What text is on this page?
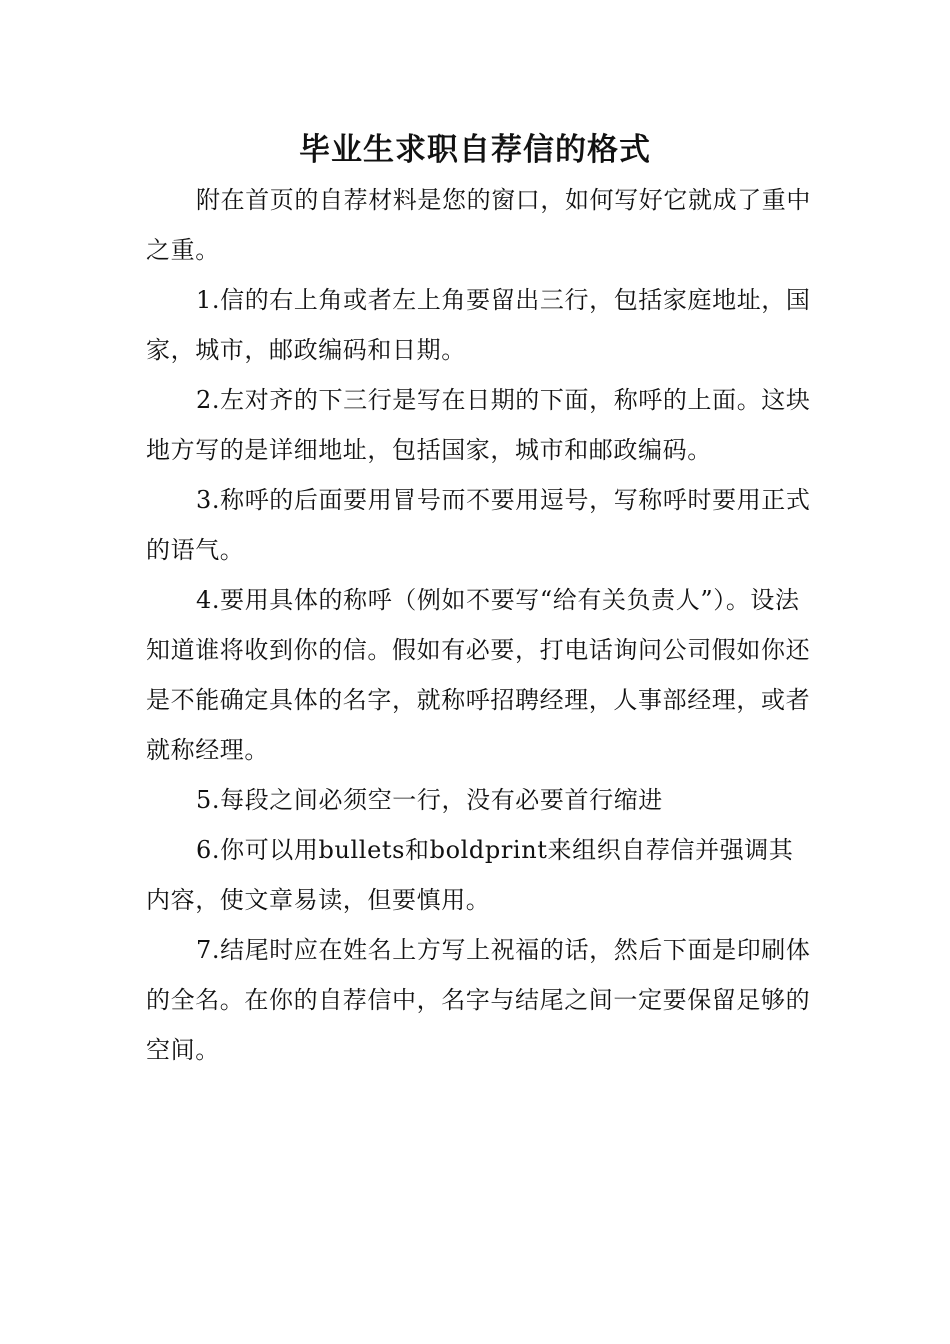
毕业生求职自荐信的格式

附在首页的自荐材料是您的窗口，如何写好它就成了重中之重。

1.信的右上角或者左上角要留出三行，包括家庭地址，国家，城市，邮政编码和日期。

2.左对齐的下三行是写在日期的下面，称呼的上面。这块地方写的是详细地址，包括国家，城市和邮政编码。

3.称呼的后面要用冒号而不要用逗号，写称呼时要用正式的语气。

4.要用具体的称呼（例如不要写“给有关负责人”）。设法知道谁将收到你的信。假如有必要，打电话询问公司假如你还是不能确定具体的名字，就称呼招聘经理，人事部经理，或者就称经理。

5.每段之间必须空一行，没有必要首行缩进

6.你可以用bullets和boldprint来组织自荐信并强调其内容，使文章易读，但要慎用。

7.结尾时应在姓名上方写上祝福的话，然后下面是印刷体的全名。在你的自荐信中，名字与结尾之间一定要保留足够的空间。
